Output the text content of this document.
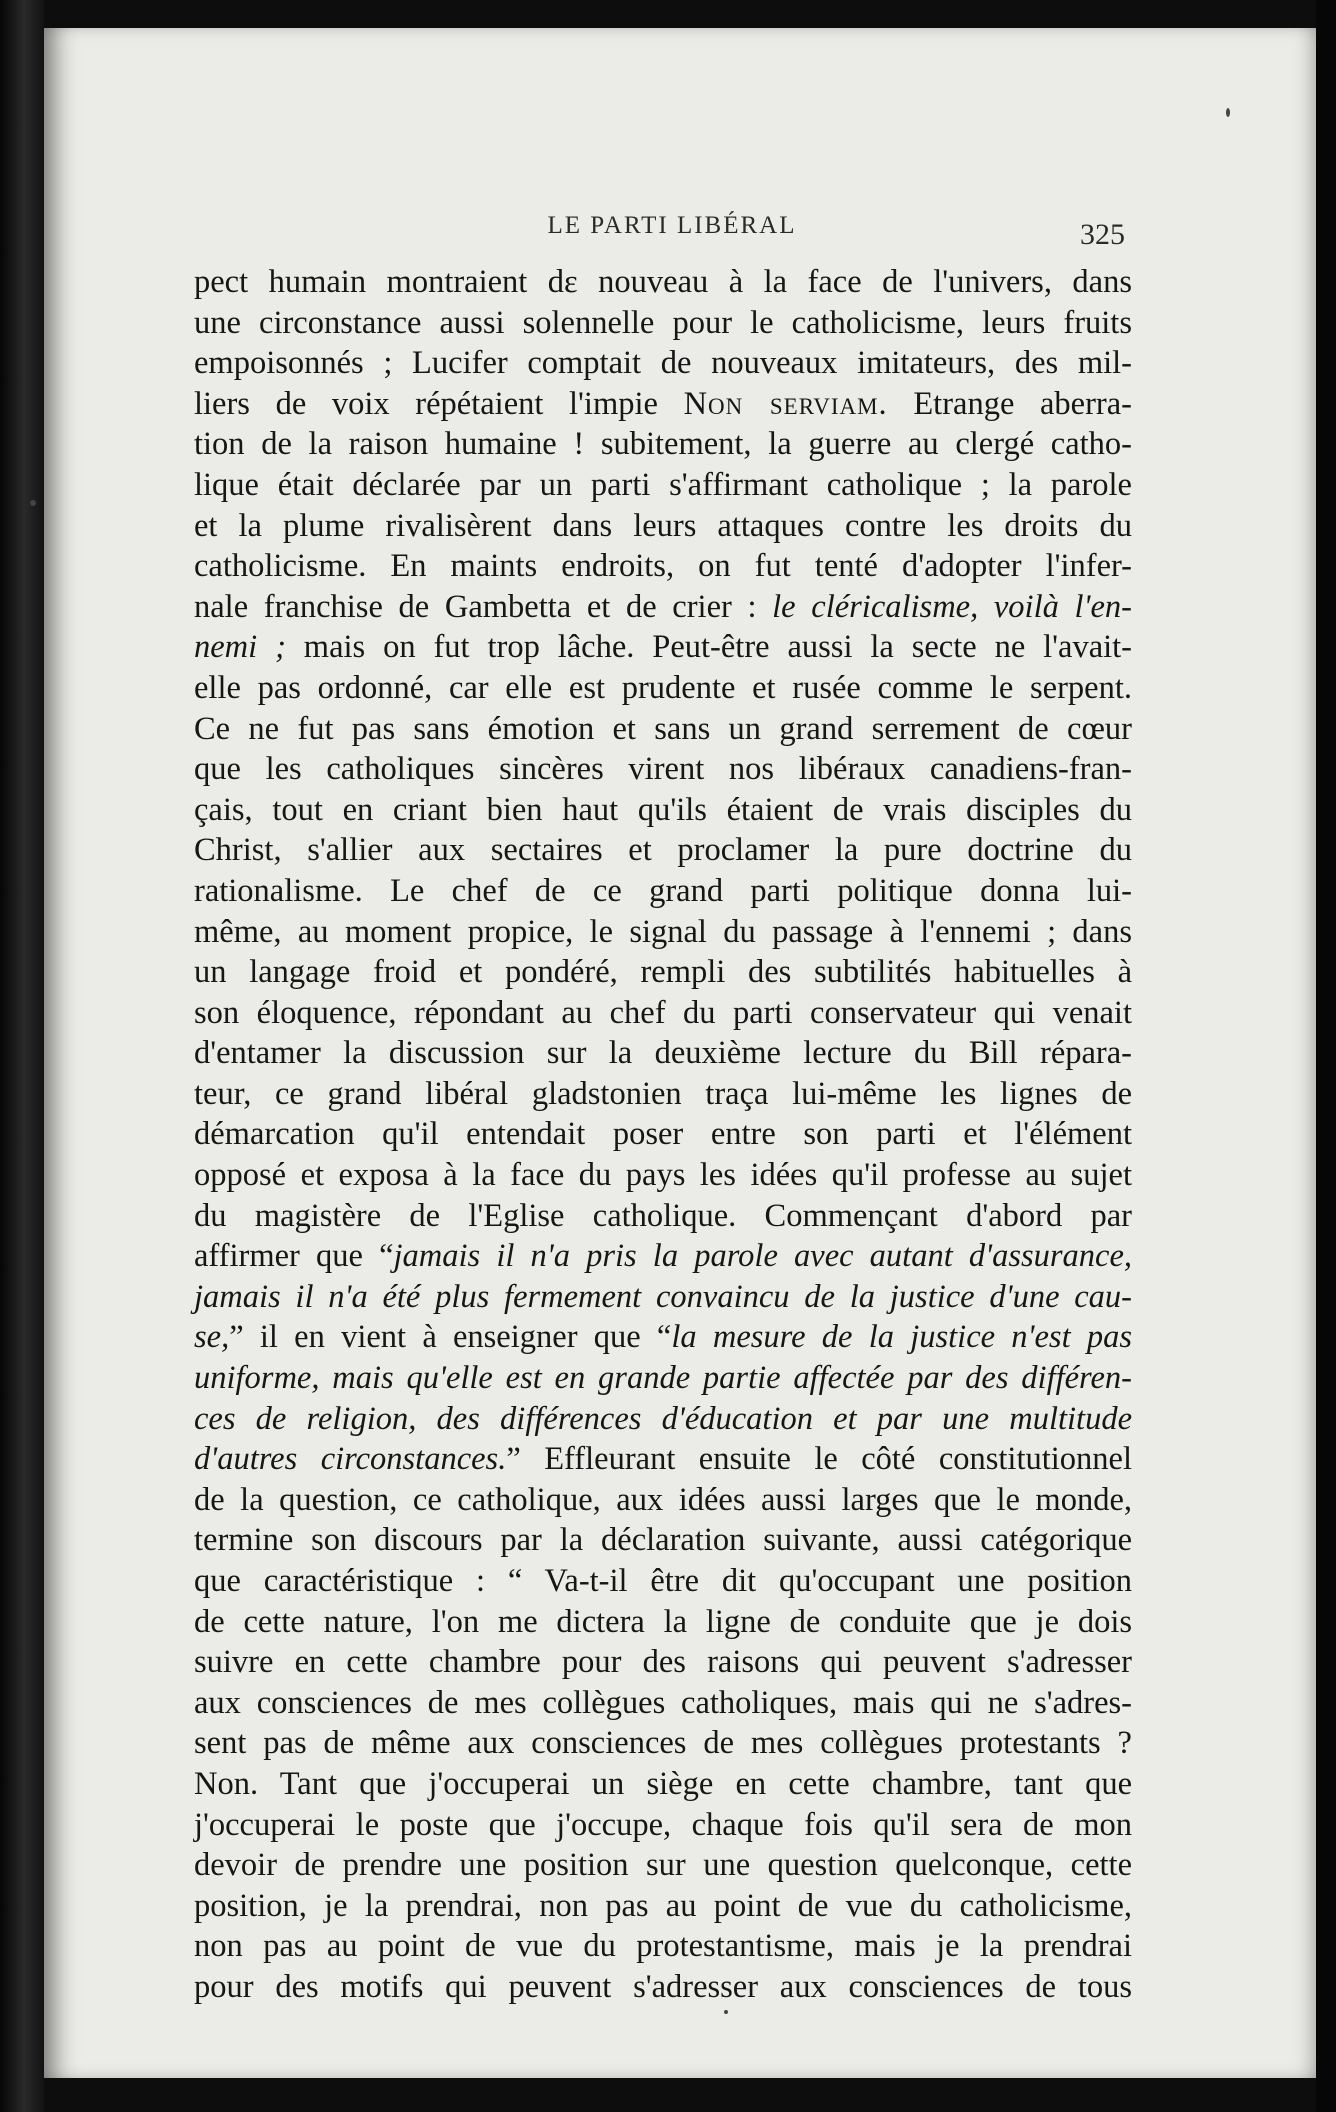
LE PARTI LIBÉRAL	325
pect humain montraient dε nouveau à la face de l'univers, dans
une circonstance aussi solennelle pour le catholicisme, leurs fruits
empoisonnés ; Lucifer comptait de nouveaux imitateurs, des mil-
liers de voix répétaient l'impie Non serviam. Etrange aberra-
tion de la raison humaine ! subitement, la guerre au clergé catho-
lique était déclarée par un parti s'affirmant catholique ; la parole
et la plume rivalisèrent dans leurs attaques contre les droits du
catholicisme. En maints endroits, on fut tenté d'adopter l'infer-
nale franchise de Gambetta et de crier : le cléricalisme, voilà l'en-
nemi ; mais on fut trop lâche. Peut-être aussi la secte ne l'avait-
elle pas ordonné, car elle est prudente et rusée comme le serpent.
Ce ne fut pas sans émotion et sans un grand serrement de cœur
que les catholiques sincères virent nos libéraux canadiens-fran-
çais, tout en criant bien haut qu'ils étaient de vrais disciples du
Christ, s'allier aux sectaires et proclamer la pure doctrine du
rationalisme. Le chef de ce grand parti politique donna lui-
même, au moment propice, le signal du passage à l'ennemi ; dans
un langage froid et pondéré, rempli des subtilités habituelles à
son éloquence, répondant au chef du parti conservateur qui venait
d'entamer la discussion sur la deuxième lecture du Bill répara-
teur, ce grand libéral gladstonien traça lui-même les lignes de
démarcation qu'il entendait poser entre son parti et l'élément
opposé et exposa à la face du pays les idées qu'il professe au sujet
du magistère de l'Eglise catholique. Commençant d'abord par
affirmer que “jamais il n'a pris la parole avec autant d'assurance,
jamais il n'a été plus fermement convaincu de la justice d'une cau-
se,” il en vient à enseigner que “la mesure de la justice n'est pas
uniforme, mais qu'elle est en grande partie affectée par des différen-
ces de religion, des différences d'éducation et par une multitude
d'autres circonstances.” Effleurant ensuite le côté constitutionnel
de la question, ce catholique, aux idées aussi larges que le monde,
termine son discours par la déclaration suivante, aussi catégorique
que caractéristique : “ Va-t-il être dit qu'occupant une position
de cette nature, l'on me dictera la ligne de conduite que je dois
suivre en cette chambre pour des raisons qui peuvent s'adresser
aux consciences de mes collègues catholiques, mais qui ne s'adres-
sent pas de même aux consciences de mes collègues protestants ?
Non. Tant que j'occuperai un siège en cette chambre, tant que
j'occuperai le poste que j'occupe, chaque fois qu'il sera de mon
devoir de prendre une position sur une question quelconque, cette
position, je la prendrai, non pas au point de vue du catholicisme,
non pas au point de vue du protestantisme, mais je la prendrai
pour des motifs qui peuvent s'adresser aux consciences de tous
